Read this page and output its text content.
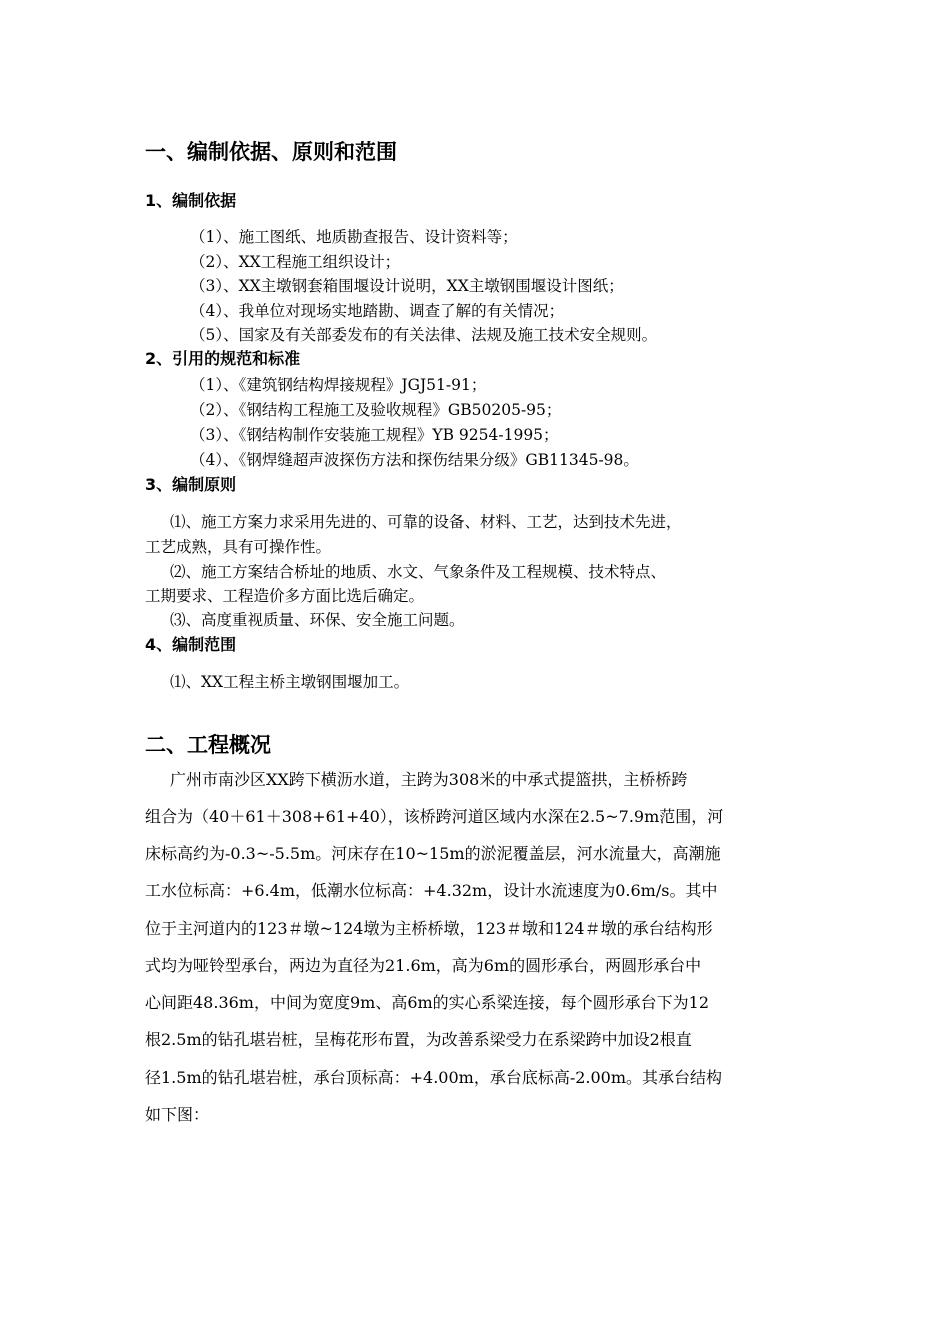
一、编制依据、原则和范围
1、编制依据
（1）、施工图纸、地质勘查报告、设计资料等；
（2）、XX工程施工组织设计；
（3）、XX主墩钢套箱围堰设计说明，XX主墩钢围堰设计图纸；
（4）、我单位对现场实地踏勘、调查了解的有关情况；
（5）、国家及有关部委发布的有关法律、法规及施工技术安全规则。
2、引用的规范和标准
（1）、《建筑钢结构焊接规程》JGJ51-91；
（2）、《钢结构工程施工及验收规程》GB50205-95；
（3）、《钢结构制作安装施工规程》YB 9254-1995；
（4）、《钢焊缝超声波探伤方法和探伤结果分级》GB11345-98。
3、编制原则
⑴、施工方案力求采用先进的、可靠的设备、材料、工艺，达到技术先进，
工艺成熟，具有可操作性。
⑵、施工方案结合桥址的地质、水文、气象条件及工程规模、技术特点、
工期要求、工程造价多方面比选后确定。
⑶、高度重视质量、环保、安全施工问题。
4、编制范围
⑴、XX工程主桥主墩钢围堰加工。
二、工程概况
广州市南沙区XX跨下横沥水道，主跨为308米的中承式提篮拱，主桥桥跨
组合为（40＋61＋308+61+40），该桥跨河道区域内水深在2.5~7.9m范围，河
床标高约为-0.3~-5.5m。河床存在10~15m的淤泥覆盖层，河水流量大，高潮施
工水位标高：+6.4m，低潮水位标高：+4.32m，设计水流速度为0.6m/s。其中
位于主河道内的123＃墩~124墩为主桥桥墩，123＃墩和124＃墩的承台结构形
式均为哑铃型承台，两边为直径为21.6m，高为6m的圆形承台，两圆形承台中
心间距48.36m，中间为宽度9m、高6m的实心系梁连接，每个圆形承台下为12
根2.5m的钻孔堪岩桩，呈梅花形布置，为改善系梁受力在系梁跨中加设2根直
径1.5m的钻孔堪岩桩，承台顶标高：+4.00m，承台底标高-2.00m。其承台结构
如下图：
